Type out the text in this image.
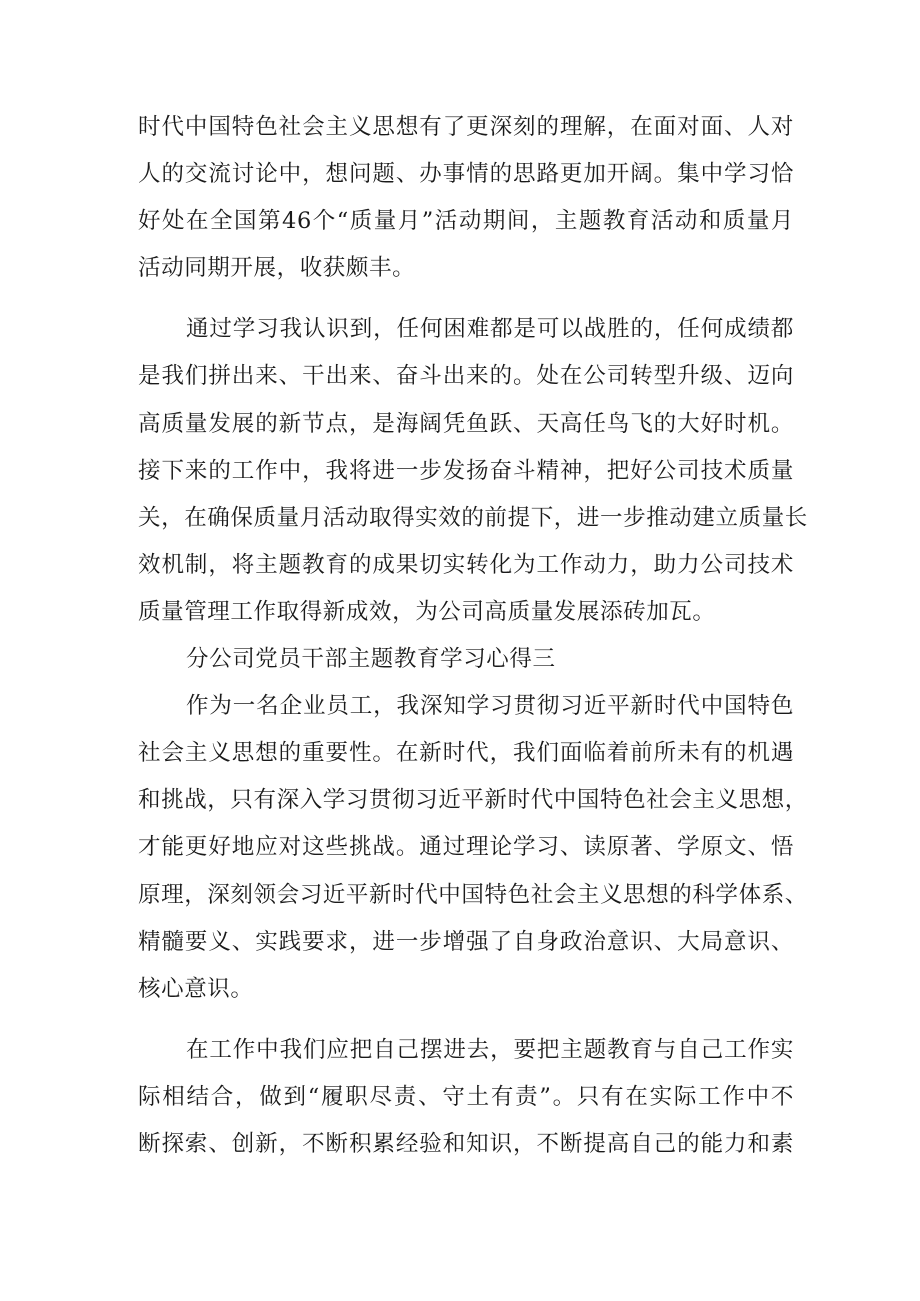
时代中国特色社会主义思想有了更深刻的理解，在面对面、人对
人的交流讨论中，想问题、办事情的思路更加开阔。集中学习恰
好处在全国第46个“质量月”活动期间，主题教育活动和质量月
活动同期开展，收获颇丰。
通过学习我认识到，任何困难都是可以战胜的，任何成绩都
是我们拼出来、干出来、奋斗出来的。处在公司转型升级、迈向
高质量发展的新节点，是海阔凭鱼跃、天高任鸟飞的大好时机。
接下来的工作中，我将进一步发扬奋斗精神，把好公司技术质量
关，在确保质量月活动取得实效的前提下，进一步推动建立质量长
效机制，将主题教育的成果切实转化为工作动力，助力公司技术
质量管理工作取得新成效，为公司高质量发展添砖加瓦。
分公司党员干部主题教育学习心得三
作为一名企业员工，我深知学习贯彻习近平新时代中国特色
社会主义思想的重要性。在新时代，我们面临着前所未有的机遇
和挑战，只有深入学习贯彻习近平新时代中国特色社会主义思想，
才能更好地应对这些挑战。通过理论学习、读原著、学原文、悟
原理，深刻领会习近平新时代中国特色社会主义思想的科学体系、
精髓要义、实践要求，进一步增强了自身政治意识、大局意识、
核心意识。
在工作中我们应把自己摆进去，要把主题教育与自己工作实
际相结合，做到“履职尽责、守土有责”。只有在实际工作中不
断探索、创新，不断积累经验和知识，不断提高自己的能力和素
